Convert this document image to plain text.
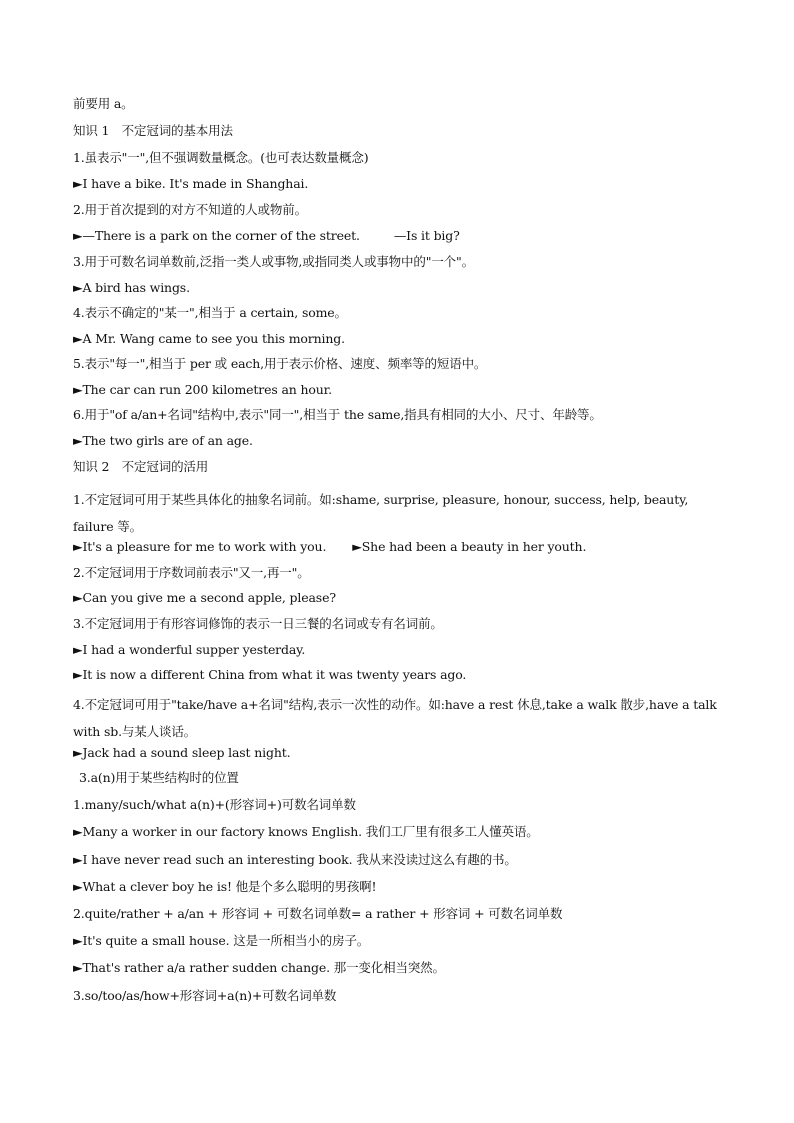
前要用 a。
知识 1　不定冠词的基本用法
1.虽表示"一",但不强调数量概念。(也可表达数量概念)
►I have a bike. It's made in Shanghai.
2.用于首次提到的对方不知道的人或物前。
►—There is a park on the corner of the street.	—Is it big?
3.用于可数名词单数前,泛指一类人或事物,或指同类人或事物中的"一个"。
►A bird has wings.
4.表示不确定的"某一",相当于 a certain, some。
►A Mr. Wang came to see you this morning.
5.表示"每一",相当于 per 或 each,用于表示价格、速度、频率等的短语中。
►The car can run 200 kilometres an hour.
6.用于"of a/an+名词"结构中,表示"同一",相当于 the same,指具有相同的大小、尺寸、年龄等。
►The two girls are of an age.
知识 2　不定冠词的活用
1.不定冠词可用于某些具体化的抽象名词前。如:shame, surprise, pleasure, honour, success, help, beauty, failure 等。
►It's a pleasure for me to work with you. ►She had been a beauty in her youth.
2.不定冠词用于序数词前表示"又一,再一"。
►Can you give me a second apple, please?
3.不定冠词用于有形容词修饰的表示一日三餐的名词或专有名词前。
►I had a wonderful supper yesterday.
►It is now a different China from what it was twenty years ago.
4.不定冠词可用于"take/have a+名词"结构,表示一次性的动作。如:have a rest 休息,take a walk 散步,have a talk with sb.与某人谈话。
►Jack had a sound sleep last night.
3.a(n)用于某些结构时的位置
1.many/such/what a(n)+(形容词+)可数名词单数
►Many a worker in our factory knows English. 我们工厂里有很多工人懂英语。
►I have never read such an interesting book. 我从来没读过这么有趣的书。
►What a clever boy he is! 他是个多么聪明的男孩啊!
2.quite/rather + a/an + 形容词 + 可数名词单数= a rather + 形容词 + 可数名词单数
►It's quite a small house. 这是一所相当小的房子。
►That's rather a/a rather sudden change. 那一变化相当突然。
3.so/too/as/how+形容词+a(n)+可数名词单数
